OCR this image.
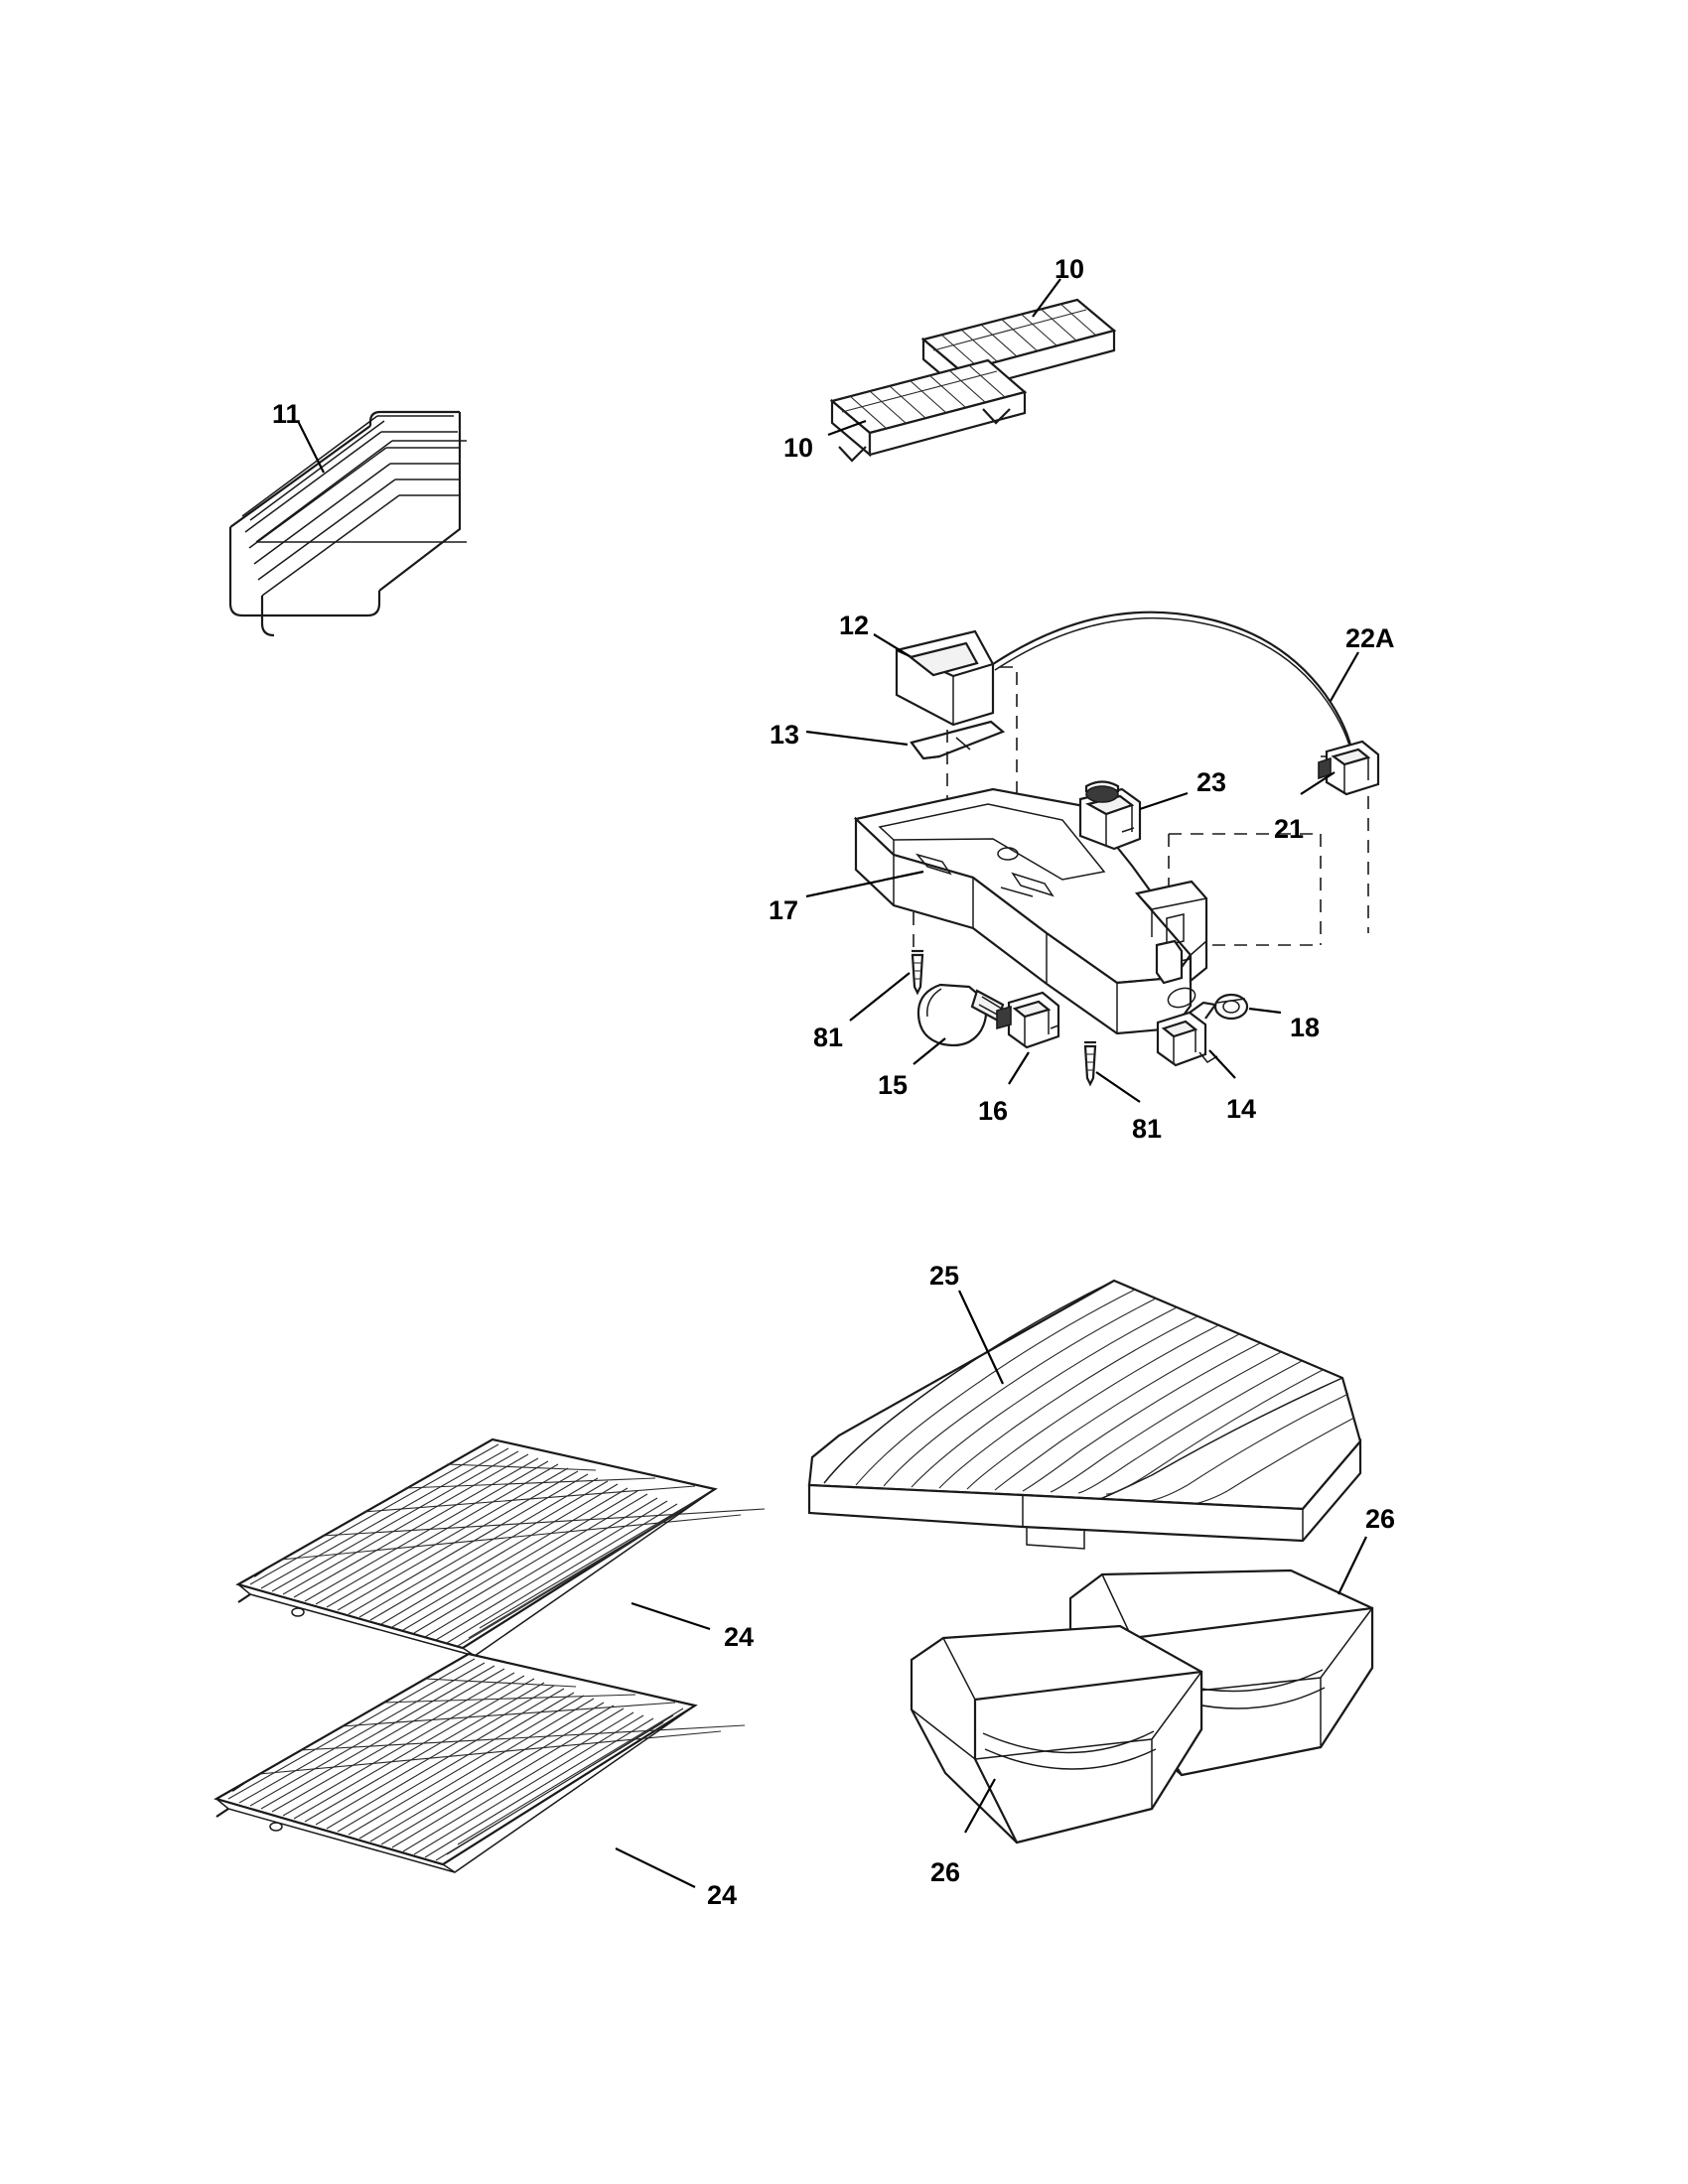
11
10
10
12	22A
13
23
21
17
81	18
15
16
81
14
25
26
24
24
26
